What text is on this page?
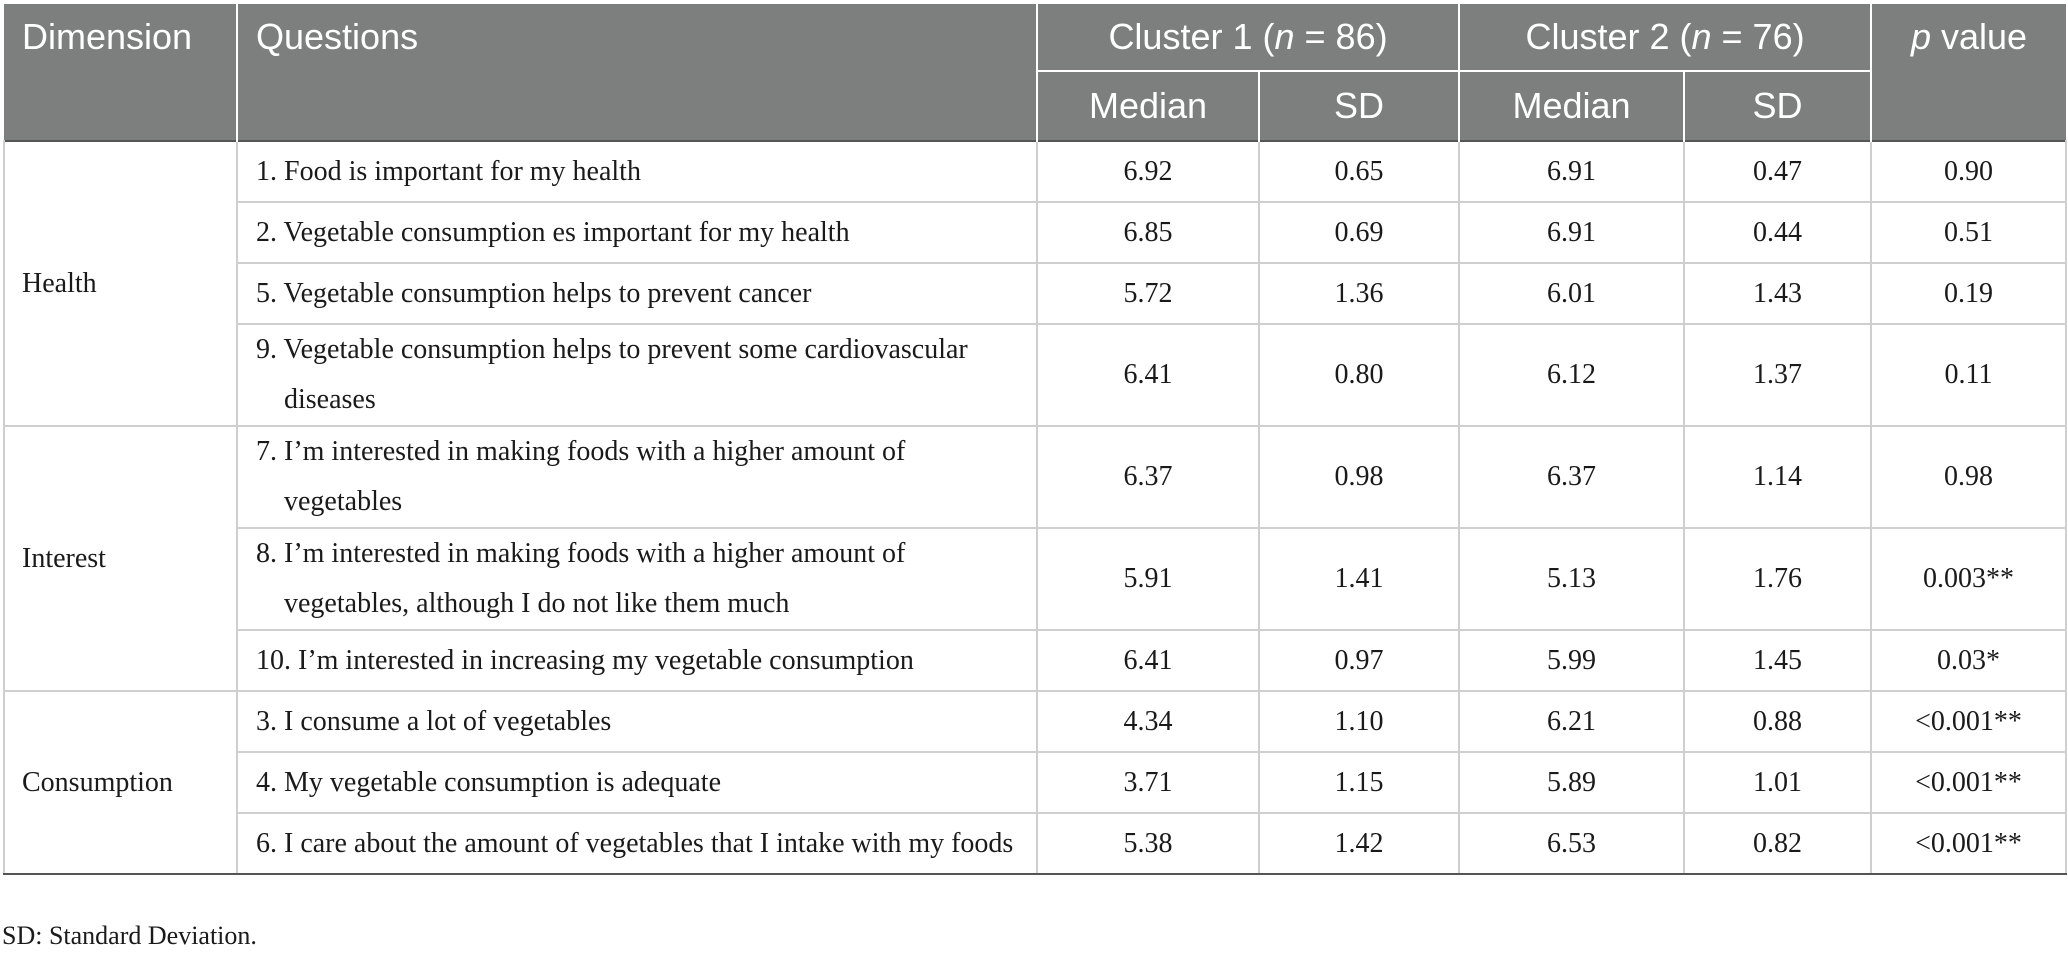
Dimension	Questions	Cluster 1 (n = 86)		Cluster 2 (n = 76)		p value
		Median	SD	Median	SD	
Health	1. Food is important for my health	6.92	0.65	6.91	0.47	0.90
	2. Vegetable consumption es important for my health	6.85	0.69	6.91	0.44	0.51
	5. Vegetable consumption helps to prevent cancer	5.72	1.36	6.01	1.43	0.19
	9. Vegetable consumption helps to prevent some cardiovascular
diseases	6.41	0.80	6.12	1.37	0.11
Interest	7. I’m interested in making foods with a higher amount of
vegetables	6.37	0.98	6.37	1.14	0.98
	8. I’m interested in making foods with a higher amount of
vegetables, although I do not like them much	5.91	1.41	5.13	1.76	0.003**
	10. I’m interested in increasing my vegetable consumption	6.41	0.97	5.99	1.45	0.03*
Consumption	3. I consume a lot of vegetables	4.34	1.10	6.21	0.88	<0.001**
	4. My vegetable consumption is adequate	3.71	1.15	5.89	1.01	<0.001**
	6. I care about the amount of vegetables that I intake with my foods	5.38	1.42	6.53	0.82	<0.001**
SD: Standard Deviation.
